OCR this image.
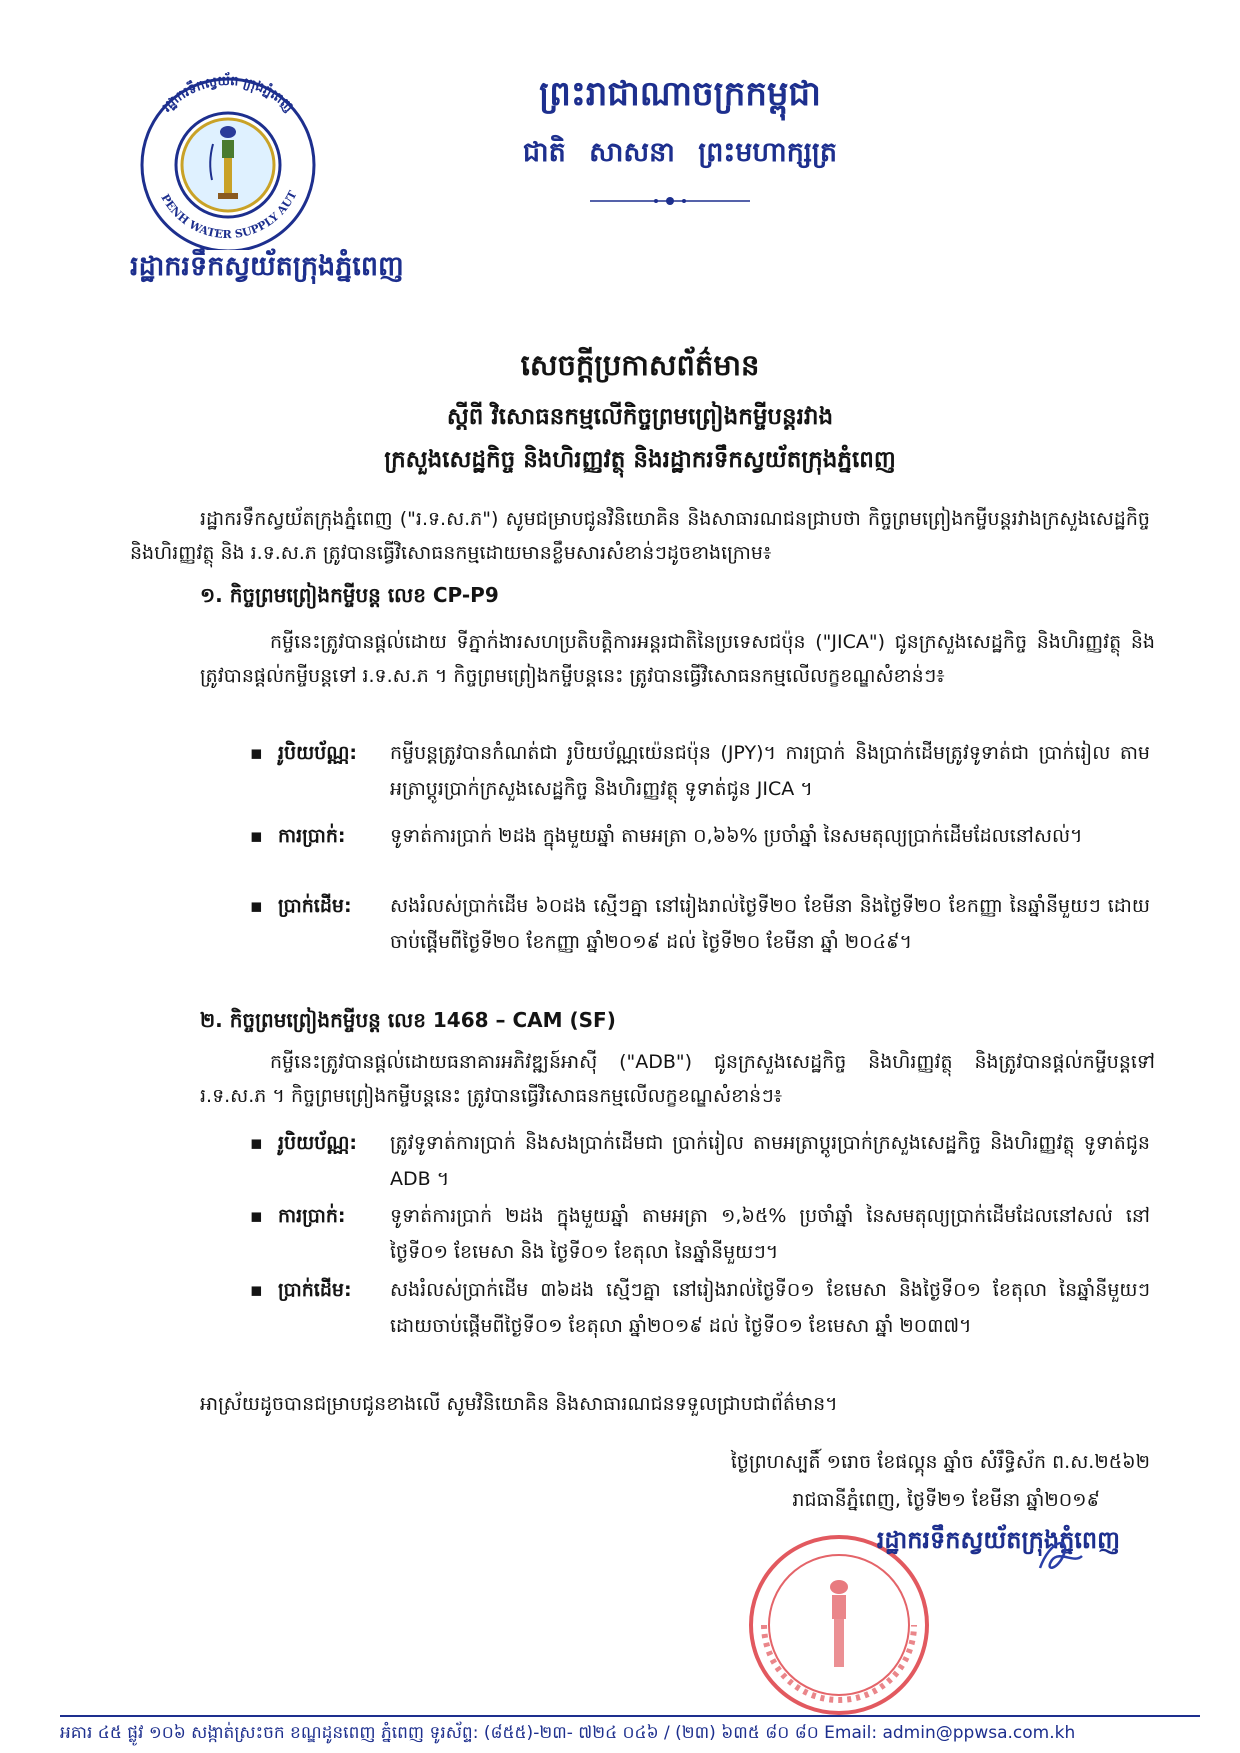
រដ្ឋាករទឹកស្វយ័ត ក្រុងភ្នំពេញ
PENH WATER SUPPLY AUT
រដ្ឋាករទឹកស្វយ័តក្រុងភ្នំពេញ
ព្រះរាជាណាចក្រកម្ពុជា
ជាតិ សាសនា ព្រះមហាក្សត្រ
សេចក្តីប្រកាសព័ត៌មាន
ស្តីពី វិសោធនកម្មលើកិច្ចព្រមព្រៀងកម្ចីបន្តរវាង
ក្រសួងសេដ្ឋកិច្ច និងហិរញ្ញវត្ថុ និងរដ្ឋាករទឹកស្វយ័តក្រុងភ្នំពេញ
រដ្ឋាករទឹកស្វយ័តក្រុងភ្នំពេញ ("រ.ទ.ស.ភ") សូមជម្រាបជូនវិនិយោគិន និងសាធារណជនជ្រាបថា កិច្ចព្រមព្រៀងកម្ចីបន្តរវាងក្រសួងសេដ្ឋកិច្ច និងហិរញ្ញវត្ថុ និង រ.ទ.ស.ភ ត្រូវបានធ្វើវិសោធនកម្មដោយមានខ្លឹមសារសំខាន់ៗដូចខាងក្រោម៖
១. កិច្ចព្រមព្រៀងកម្ចីបន្ត លេខ CP-P9
កម្ចីនេះត្រូវបានផ្តល់ដោយ ទីភ្នាក់ងារសហប្រតិបត្តិការអន្តរជាតិនៃប្រទេសជប៉ុន ("JICA") ជូនក្រសួងសេដ្ឋកិច្ច និងហិរញ្ញវត្ថុ និងត្រូវបានផ្តល់កម្ចីបន្តទៅ រ.ទ.ស.ភ ។ កិច្ចព្រមព្រៀងកម្ចីបន្តនេះ ត្រូវបានធ្វើវិសោធនកម្មលើលក្ខខណ្ឌសំខាន់ៗ៖
▪ រូបិយប័ណ្ណ:	កម្ចីបន្តត្រូវបានកំណត់ជា រូបិយប័ណ្ណយ៉េនជប៉ុន (JPY)។ ការប្រាក់ និងប្រាក់ដើមត្រូវទូទាត់ជា ប្រាក់រៀល តាមអត្រាប្តូរប្រាក់ក្រសួងសេដ្ឋកិច្ច និងហិរញ្ញវត្ថុ ទូទាត់ជូន JICA ។
▪ ការប្រាក់:	ទូទាត់ការប្រាក់ ២ដង ក្នុងមួយឆ្នាំ តាមអត្រា ០,៦៦% ប្រចាំឆ្នាំ នៃសមតុល្យប្រាក់ដើមដែលនៅសល់។
▪ ប្រាក់ដើម:	សងរំលស់ប្រាក់ដើម ៦០ដង ស្មើៗគ្នា នៅរៀងរាល់ថ្ងៃទី២០ ខែមីនា និងថ្ងៃទី២០ ខែកញ្ញា នៃឆ្នាំនីមួយៗ ដោយចាប់ផ្តើមពីថ្ងៃទី២០ ខែកញ្ញា ឆ្នាំ២០១៩ ដល់ ថ្ងៃទី២០ ខែមីនា ឆ្នាំ ២០៤៩។
២. កិច្ចព្រមព្រៀងកម្ចីបន្ត លេខ 1468 – CAM (SF)
កម្ចីនេះត្រូវបានផ្តល់ដោយធនាគារអភិវឌ្ឍន៍អាស៊ី ("ADB") ជូនក្រសួងសេដ្ឋកិច្ច និងហិរញ្ញវត្ថុ និងត្រូវបានផ្តល់កម្ចីបន្តទៅ រ.ទ.ស.ភ ។ កិច្ចព្រមព្រៀងកម្ចីបន្តនេះ ត្រូវបានធ្វើវិសោធនកម្មលើលក្ខខណ្ឌសំខាន់ៗ៖
▪ រូបិយប័ណ្ណ:	ត្រូវទូទាត់ការប្រាក់ និងសងប្រាក់ដើមជា ប្រាក់រៀល តាមអត្រាប្តូរប្រាក់ក្រសួងសេដ្ឋកិច្ច និងហិរញ្ញវត្ថុ ទូទាត់ជូន ADB ។
▪ ការប្រាក់:	ទូទាត់ការប្រាក់ ២ដង ក្នុងមួយឆ្នាំ តាមអត្រា ១,៦៥% ប្រចាំឆ្នាំ នៃសមតុល្យប្រាក់ដើមដែលនៅសល់ នៅថ្ងៃទី០១ ខែមេសា និង ថ្ងៃទី០១ ខែតុលា នៃឆ្នាំនីមួយៗ។
▪ ប្រាក់ដើម:	សងរំលស់ប្រាក់ដើម ៣៦ដង ស្មើៗគ្នា នៅរៀងរាល់ថ្ងៃទី០១ ខែមេសា និងថ្ងៃទី០១ ខែតុលា នៃឆ្នាំនីមួយៗ ដោយចាប់ផ្តើមពីថ្ងៃទី០១ ខែតុលា ឆ្នាំ២០១៩ ដល់ ថ្ងៃទី០១ ខែមេសា ឆ្នាំ ២០៣៧។
អាស្រ័យដូចបានជម្រាបជូនខាងលើ សូមវិនិយោគិន និងសាធារណជនទទួលជ្រាបជាព័ត៌មាន។
ថ្ងៃព្រហស្បតិ៍ ១រោច ខែផល្គុន ឆ្នាំច សំរឹទ្ធិស័ក ព.ស.២៥៦២
រាជធានីភ្នំពេញ, ថ្ងៃទី២១ ខែមីនា ឆ្នាំ២០១៩
រដ្ឋាករទឹកស្វយ័តក្រុងភ្នំពេញ
អគារ ៤៥ ផ្លូវ ១០៦ សង្កាត់ស្រះចក ខណ្ឌដូនពេញ ភ្នំពេញ ទូរស័ព្ទ: (៨៥៥)-២៣- ៧២៤ ០៤៦ / (២៣) ៦៣៥ ៨០ ៨០ Email: admin@ppwsa.com.kh
